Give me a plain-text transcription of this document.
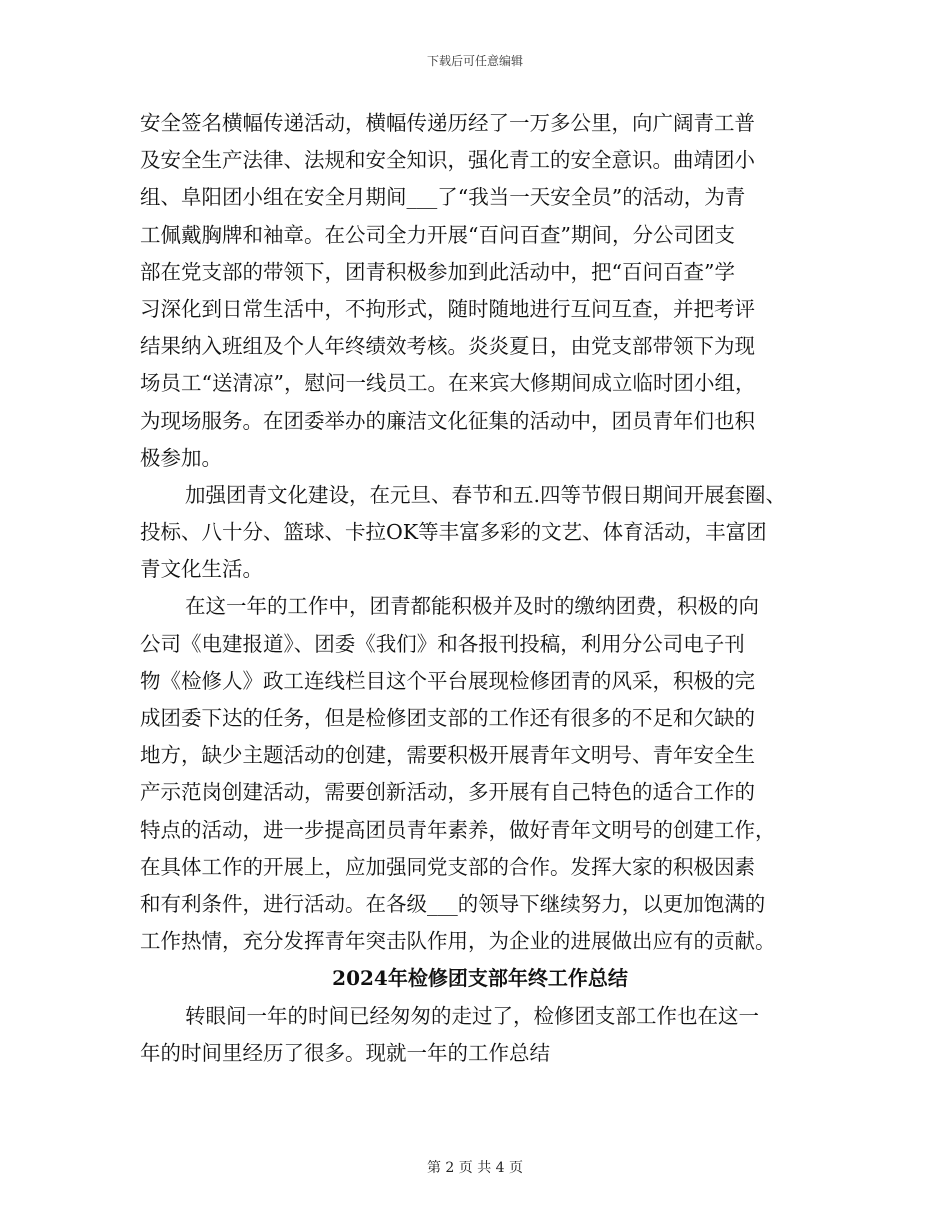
下载后可任意编辑
安全签名横幅传递活动，横幅传递历经了一万多公里，向广阔青工普
及安全生产法律、法规和安全知识，强化青工的安全意识。曲靖团小
组、阜阳团小组在安全月期间___了“我当一天安全员”的活动，为青
工佩戴胸牌和袖章。在公司全力开展“百问百查”期间，分公司团支
部在党支部的带领下，团青积极参加到此活动中，把“百问百查”学
习深化到日常生活中，不拘形式，随时随地进行互问互查，并把考评
结果纳入班组及个人年终绩效考核。炎炎夏日，由党支部带领下为现
场员工“送清凉”，慰问一线员工。在来宾大修期间成立临时团小组，
为现场服务。在团委举办的廉洁文化征集的活动中，团员青年们也积
极参加。
加强团青文化建设，在元旦、春节和五.四等节假日期间开展套圈、
投标、八十分、篮球、卡拉OK等丰富多彩的文艺、体育活动，丰富团
青文化生活。
在这一年的工作中，团青都能积极并及时的缴纳团费，积极的向
公司《电建报道》、团委《我们》和各报刊投稿，利用分公司电子刊
物《检修人》政工连线栏目这个平台展现检修团青的风采，积极的完
成团委下达的任务，但是检修团支部的工作还有很多的不足和欠缺的
地方，缺少主题活动的创建，需要积极开展青年文明号、青年安全生
产示范岗创建活动，需要创新活动，多开展有自己特色的适合工作的
特点的活动，进一步提高团员青年素养，做好青年文明号的创建工作，
在具体工作的开展上，应加强同党支部的合作。发挥大家的积极因素
和有利条件，进行活动。在各级___的领导下继续努力，以更加饱满的
工作热情，充分发挥青年突击队作用，为企业的进展做出应有的贡献。
2024年检修团支部年终工作总结
转眼间一年的时间已经匆匆的走过了，检修团支部工作也在这一
年的时间里经历了很多。现就一年的工作总结
第 2 页 共 4 页
